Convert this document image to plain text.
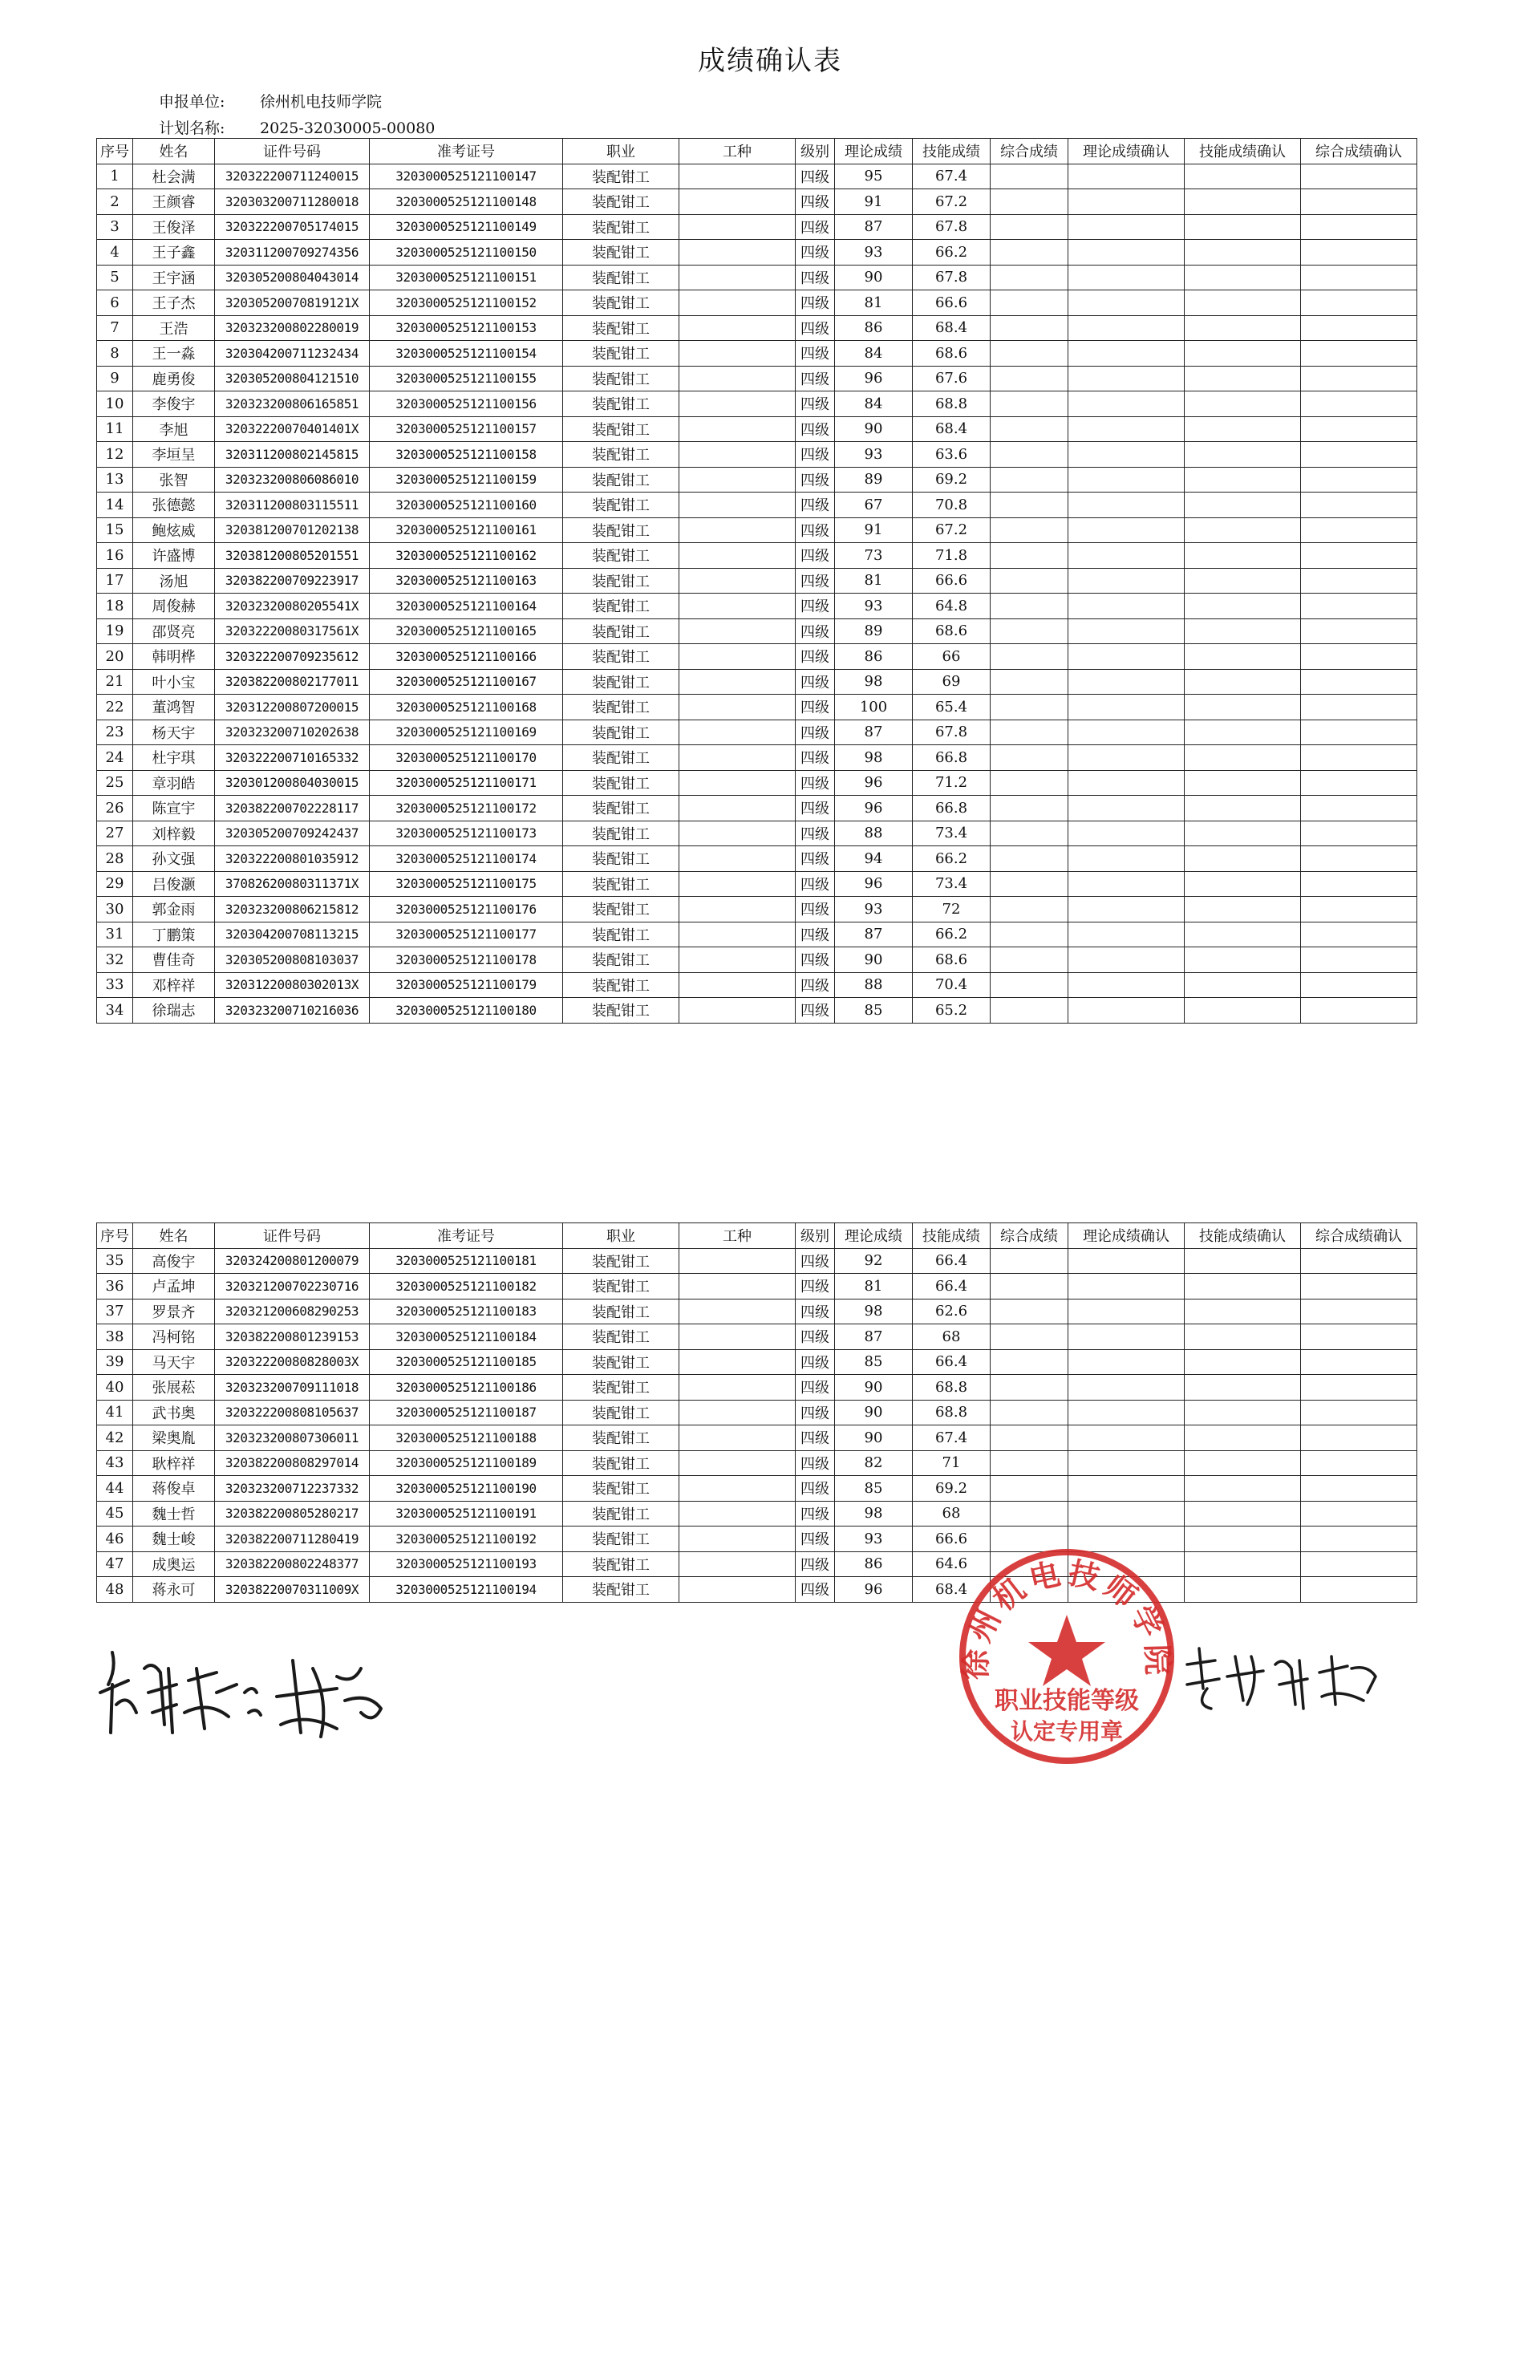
成绩确认表
申报单位: 徐州机电技师学院
计划名称: 2025-32030005-00080
序号	姓名	证件号码	准考证号	职业	工种	级别	理论成绩	技能成绩	综合成绩	理论成绩确认	技能成绩确认	综合成绩确认
1	杜会满	320322200711240015	3203000525121100147	装配钳工		四级	95	67.4				
2	王颜睿	320303200711280018	3203000525121100148	装配钳工		四级	91	67.2				
3	王俊泽	320322200705174015	3203000525121100149	装配钳工		四级	87	67.8				
4	王子鑫	320311200709274356	3203000525121100150	装配钳工		四级	93	66.2				
5	王宇涵	320305200804043014	3203000525121100151	装配钳工		四级	90	67.8				
6	王子杰	32030520070819121X	3203000525121100152	装配钳工		四级	81	66.6				
7	王浩	320323200802280019	3203000525121100153	装配钳工		四级	86	68.4				
8	王一淼	320304200711232434	3203000525121100154	装配钳工		四级	84	68.6				
9	鹿勇俊	320305200804121510	3203000525121100155	装配钳工		四级	96	67.6				
10	李俊宇	320323200806165851	3203000525121100156	装配钳工		四级	84	68.8				
11	李旭	32032220070401401X	3203000525121100157	装配钳工		四级	90	68.4				
12	李垣呈	320311200802145815	3203000525121100158	装配钳工		四级	93	63.6				
13	张智	320323200806086010	3203000525121100159	装配钳工		四级	89	69.2				
14	张德懿	320311200803115511	3203000525121100160	装配钳工		四级	67	70.8				
15	鲍炫威	320381200701202138	3203000525121100161	装配钳工		四级	91	67.2				
16	许盛博	320381200805201551	3203000525121100162	装配钳工		四级	73	71.8				
17	汤旭	320382200709223917	3203000525121100163	装配钳工		四级	81	66.6				
18	周俊赫	32032320080205541X	3203000525121100164	装配钳工		四级	93	64.8				
19	邵贤亮	32032220080317561X	3203000525121100165	装配钳工		四级	89	68.6				
20	韩明桦	320322200709235612	3203000525121100166	装配钳工		四级	86	66				
21	叶小宝	320382200802177011	3203000525121100167	装配钳工		四级	98	69				
22	董鸿智	320312200807200015	3203000525121100168	装配钳工		四级	100	65.4				
23	杨天宇	320323200710202638	3203000525121100169	装配钳工		四级	87	67.8				
24	杜宇琪	320322200710165332	3203000525121100170	装配钳工		四级	98	66.8				
25	章羽皓	320301200804030015	3203000525121100171	装配钳工		四级	96	71.2				
26	陈宣宇	320382200702228117	3203000525121100172	装配钳工		四级	96	66.8				
27	刘梓毅	320305200709242437	3203000525121100173	装配钳工		四级	88	73.4				
28	孙文强	320322200801035912	3203000525121100174	装配钳工		四级	94	66.2				
29	吕俊灏	37082620080311371X	3203000525121100175	装配钳工		四级	96	73.4				
30	郭金雨	320323200806215812	3203000525121100176	装配钳工		四级	93	72				
31	丁鹏策	320304200708113215	3203000525121100177	装配钳工		四级	87	66.2				
32	曹佳奇	320305200808103037	3203000525121100178	装配钳工		四级	90	68.6				
33	邓梓祥	32031220080302013X	3203000525121100179	装配钳工		四级	88	70.4				
34	徐瑞志	320323200710216036	3203000525121100180	装配钳工		四级	85	65.2				
序号	姓名	证件号码	准考证号	职业	工种	级别	理论成绩	技能成绩	综合成绩	理论成绩确认	技能成绩确认	综合成绩确认
35	高俊宇	320324200801200079	3203000525121100181	装配钳工		四级	92	66.4				
36	卢孟坤	320321200702230716	3203000525121100182	装配钳工		四级	81	66.4				
37	罗景齐	320321200608290253	3203000525121100183	装配钳工		四级	98	62.6				
38	冯柯铭	320382200801239153	3203000525121100184	装配钳工		四级	87	68				
39	马天宇	32032220080828003X	3203000525121100185	装配钳工		四级	85	66.4				
40	张展菘	320323200709111018	3203000525121100186	装配钳工		四级	90	68.8				
41	武书奥	320322200808105637	3203000525121100187	装配钳工		四级	90	68.8				
42	梁奥胤	320323200807306011	3203000525121100188	装配钳工		四级	90	67.4				
43	耿梓祥	320382200808297014	3203000525121100189	装配钳工		四级	82	71				
44	蒋俊卓	320323200712237332	3203000525121100190	装配钳工		四级	85	69.2				
45	魏士哲	320382200805280217	3203000525121100191	装配钳工		四级	98	68				
46	魏士峻	320382200711280419	3203000525121100192	装配钳工		四级	93	66.6				
47	成奥运	320382200802248377	3203000525121100193	装配钳工		四级	86	64.6				
48	蒋永可	32038220070311009X	3203000525121100194	装配钳工		四级	96	68.4				
徐州机电技师学院
职业技能等级
认定专用章
